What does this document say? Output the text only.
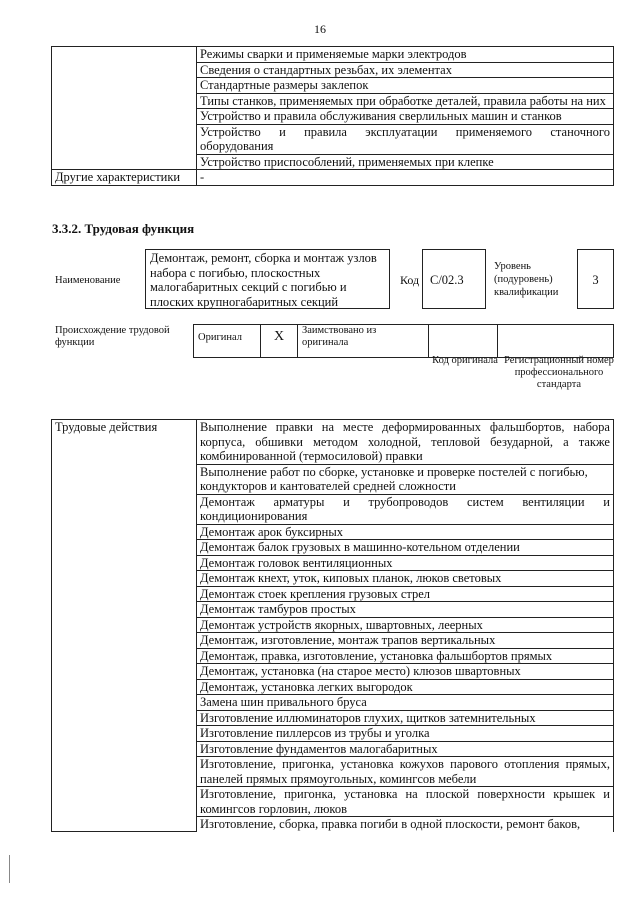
16
	Режимы сварки и применяемые марки электродов
	Сведения о стандартных резьбах, их элементах
	Стандартные размеры заклепок
	Типы станков, применяемых при обработке деталей, правила работы на них
	Устройство и правила обслуживания сверлильных машин и станков
	Устройство и правила эксплуатации применяемого станочного оборудования
	Устройство приспособлений, применяемых при клепке
Другие характеристики	-
3.3.2. Трудовая функция
Наименование
Демонтаж, ремонт, сборка и монтаж узлов набора с погибью, плоскостных малогабаритных секций с погибью и плоских крупногабаритных секций
Код С/02.3
Уровень (подуровень) квалификации
3
Происхождение трудовой функции	Оригинал	X	Заимствовано из оригинала		
Код оригинала Регистрационный номер профессионального стандарта
Трудовые действия	Выполнение правки на месте деформированных фальшбортов, набора корпуса, обшивки методом холодной, тепловой безударной, а также комбинированной (термосиловой) правки
Выполнение работ по сборке, установке и проверке постелей с погибью, кондукторов и кантователей средней сложности
Демонтаж арматуры и трубопроводов систем вентиляции и кондиционирования
Демонтаж арок буксирных
Демонтаж балок грузовых в машинно-котельном отделении
Демонтаж головок вентиляционных
Демонтаж кнехт, уток, киповых планок, люков световых
Демонтаж стоек крепления грузовых стрел
Демонтаж тамбуров простых
Демонтаж устройств якорных, швартовных, леерных
Демонтаж, изготовление, монтаж трапов вертикальных
Демонтаж, правка, изготовление, установка фальшбортов прямых
Демонтаж, установка (на старое место) клюзов швартовных
Демонтаж, установка легких выгородок
Замена шин привального бруса
Изготовление иллюминаторов глухих, щитков затемнительных
Изготовление пиллерсов из трубы и уголка
Изготовление фундаментов малогабаритных
Изготовление, пригонка, установка кожухов парового отопления прямых, панелей прямых прямоугольных, комингсов мебели
Изготовление, пригонка, установка на плоской поверхности крышек и комингсов горловин, люков
Изготовление, сборка, правка погиби в одной плоскости, ремонт баков,
